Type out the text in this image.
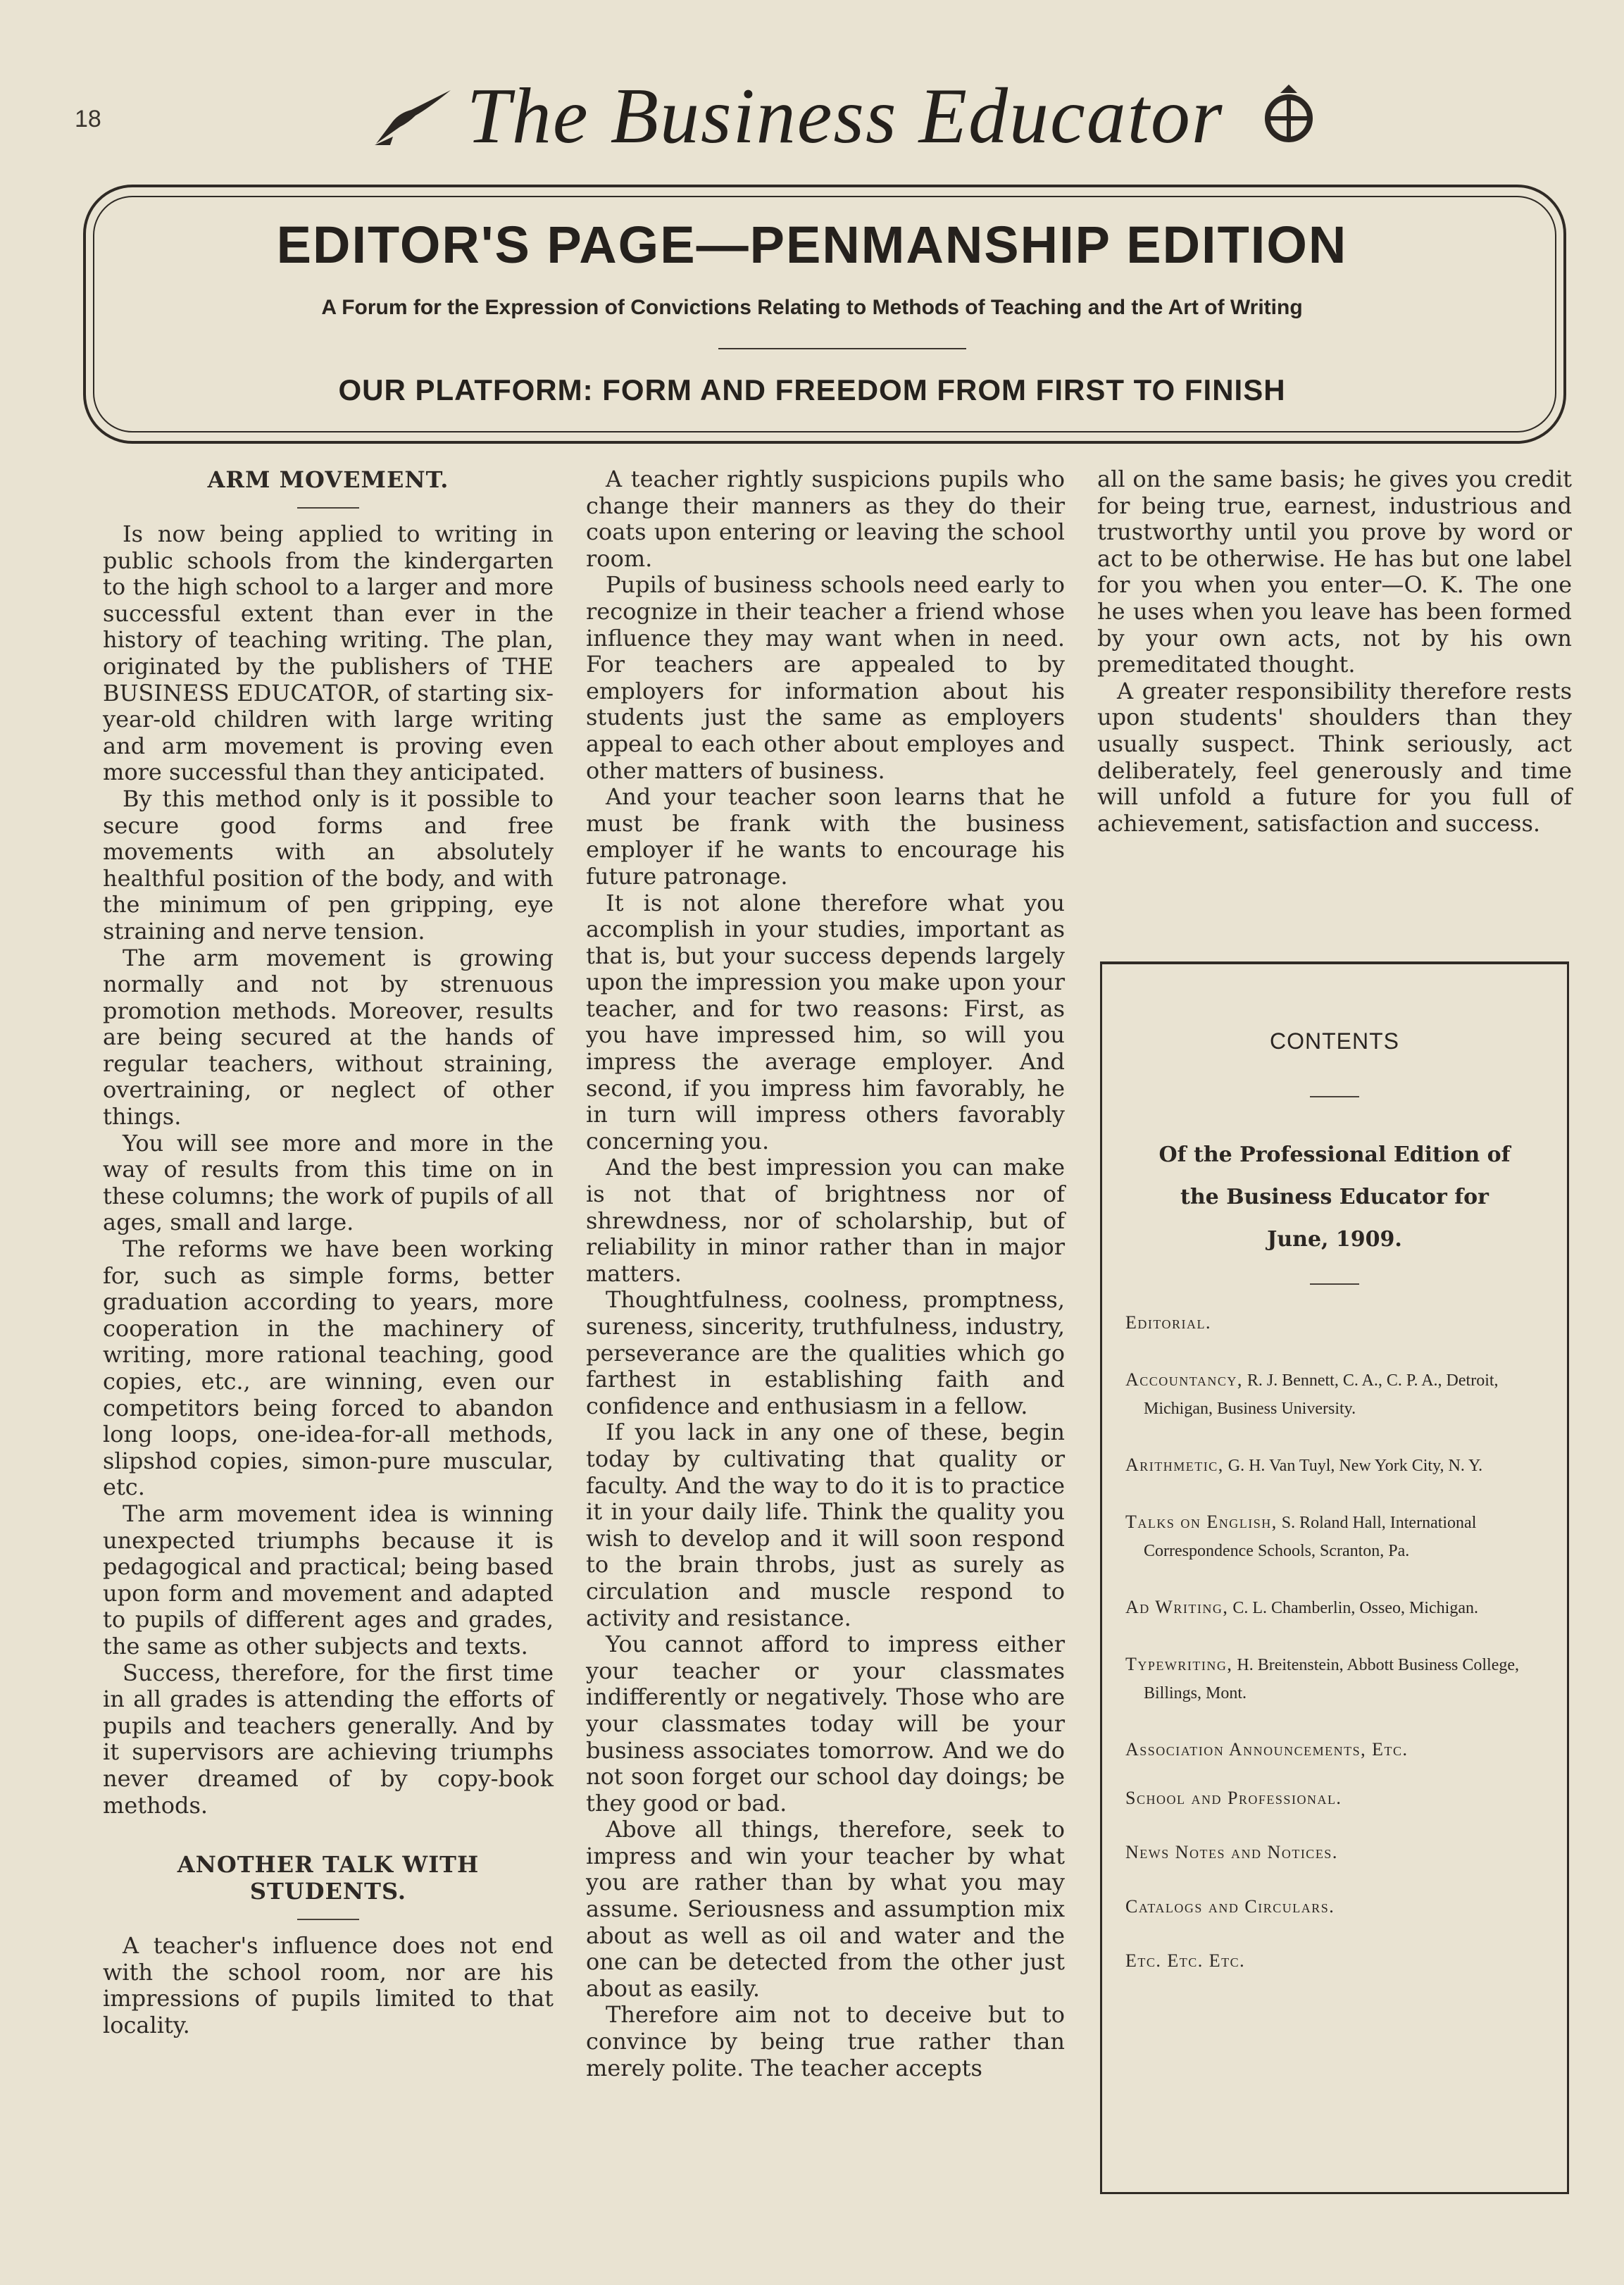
18	The Business Educator
EDITOR'S PAGE—PENMANSHIP EDITION
A Forum for the Expression of Convictions Relating to Methods of Teaching and the Art of Writing
OUR PLATFORM: FORM AND FREEDOM FROM FIRST TO FINISH
ARM MOVEMENT.

Is now being applied to writing in public schools from the kindergarten to the high school to a larger and more successful extent than ever in the history of teaching writing. The plan, originated by the publishers of THE BUSINESS EDUCATOR, of starting six-year-old children with large writing and arm movement is proving even more successful than they anticipated.

By this method only is it possible to secure good forms and free movements with an absolutely healthful position of the body, and with the minimum of pen gripping, eye straining and nerve tension.

The arm movement is growing normally and not by strenuous promotion methods. Moreover, results are being secured at the hands of regular teachers, without straining, overtraining, or neglect of other things.

You will see more and more in the way of results from this time on in these columns; the work of pupils of all ages, small and large.

The reforms we have been working for, such as simple forms, better graduation according to years, more cooperation in the machinery of writing, more rational teaching, good copies, etc., are winning, even our competitors being forced to abandon long loops, one-idea-for-all methods, slipshod copies, simon-pure muscular, etc.

The arm movement idea is winning unexpected triumphs because it is pedagogical and practical; being based upon form and movement and adapted to pupils of different ages and grades, the same as other subjects and texts.

Success, therefore, for the first time in all grades is attending the efforts of pupils and teachers generally. And by it supervisors are achieving triumphs never dreamed of by copy-book methods.

ANOTHER TALK WITH STUDENTS.

A teacher's influence does not end with the school room, nor are his impressions of pupils limited to that locality.

A teacher rightly suspicions pupils who change their manners as they do their coats upon entering or leaving the school room.

Pupils of business schools need early to recognize in their teacher a friend whose influence they may want when in need. For teachers are appealed to by employers for information about his students just the same as employers appeal to each other about employes and other matters of business.

And your teacher soon learns that he must be frank with the business employer if he wants to encourage his future patronage.

It is not alone therefore what you accomplish in your studies, important as that is, but your success depends largely upon the impression you make upon your teacher, and for two reasons: First, as you have impressed him, so will you impress the average employer. And second, if you impress him favorably, he in turn will impress others favorably concerning you.

And the best impression you can make is not that of brightness nor of shrewdness, nor of scholarship, but of reliability in minor rather than in major matters.

Thoughtfulness, coolness, promptness, sureness, sincerity, truthfulness, industry, perseverance are the qualities which go farthest in establishing faith and confidence and enthusiasm in a fellow.

If you lack in any one of these, begin today by cultivating that quality or faculty. And the way to do it is to practice it in your daily life. Think the quality you wish to develop and it will soon respond to the brain throbs, just as surely as circulation and muscle respond to activity and resistance.

You cannot afford to impress either your teacher or your classmates indifferently or negatively. Those who are your classmates today will be your business associates tomorrow. And we do not soon forget our school day doings; be they good or bad.

Above all things, therefore, seek to impress and win your teacher by what you are rather than by what you may assume. Seriousness and assumption mix about as well as oil and water and the one can be detected from the other just about as easily.

Therefore aim not to deceive but to convince by being true rather than merely polite. The teacher accepts

all on the same basis; he gives you credit for being true, earnest, industrious and trustworthy until you prove by word or act to be otherwise. He has but one label for you when you enter—O. K. The one he uses when you leave has been formed by your own acts, not by his own premeditated thought.

A greater responsibility therefore rests upon students' shoulders than they usually suspect. Think seriously, act deliberately, feel generously and time will unfold a future for you full of achievement, satisfaction and success.

CONTENTS
Of the Professional Edition of
the Business Educator for
June, 1909.
Editorial.
Accountancy, R. J. Bennett, C. A., C. P. A., Detroit, Michigan, Business University.
Arithmetic, G. H. Van Tuyl, New York City, N. Y.
Talks on English, S. Roland Hall, International Correspondence Schools, Scranton, Pa.
Ad Writing, C. L. Chamberlin, Osseo, Michigan.
Typewriting, H. Breitenstein, Abbott Business College, Billings, Mont.
Association Announcements, Etc.
School and Professional.
News Notes and Notices.
Catalogs and Circulars.
Etc. Etc. Etc.
